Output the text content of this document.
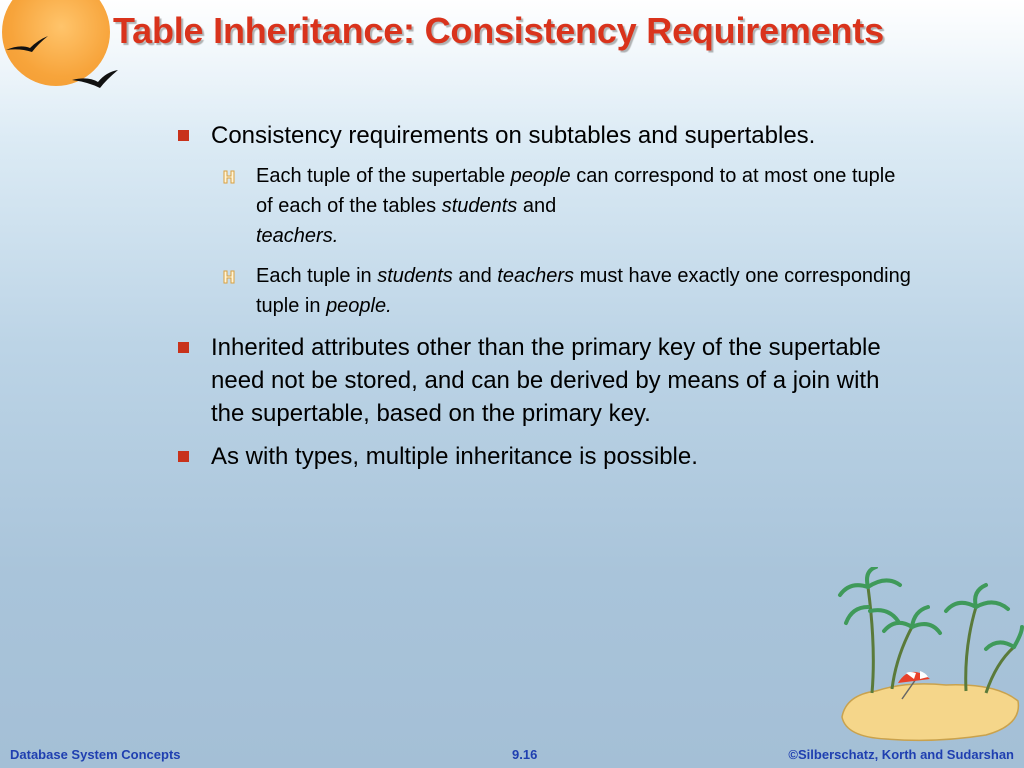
Table Inheritance: Consistency Requirements
Consistency requirements on subtables and supertables.
Each tuple of the supertable people can correspond to at most one tuple of each of the tables students and
teachers.
Each tuple in students and teachers must have exactly one corresponding tuple in people.
Inherited attributes other than the primary key of the supertable need not be stored, and can be derived by means of a join with the supertable, based on the primary key.
As with types, multiple inheritance is possible.
Database System Concepts	9.16	©Silberschatz, Korth and Sudarshan
